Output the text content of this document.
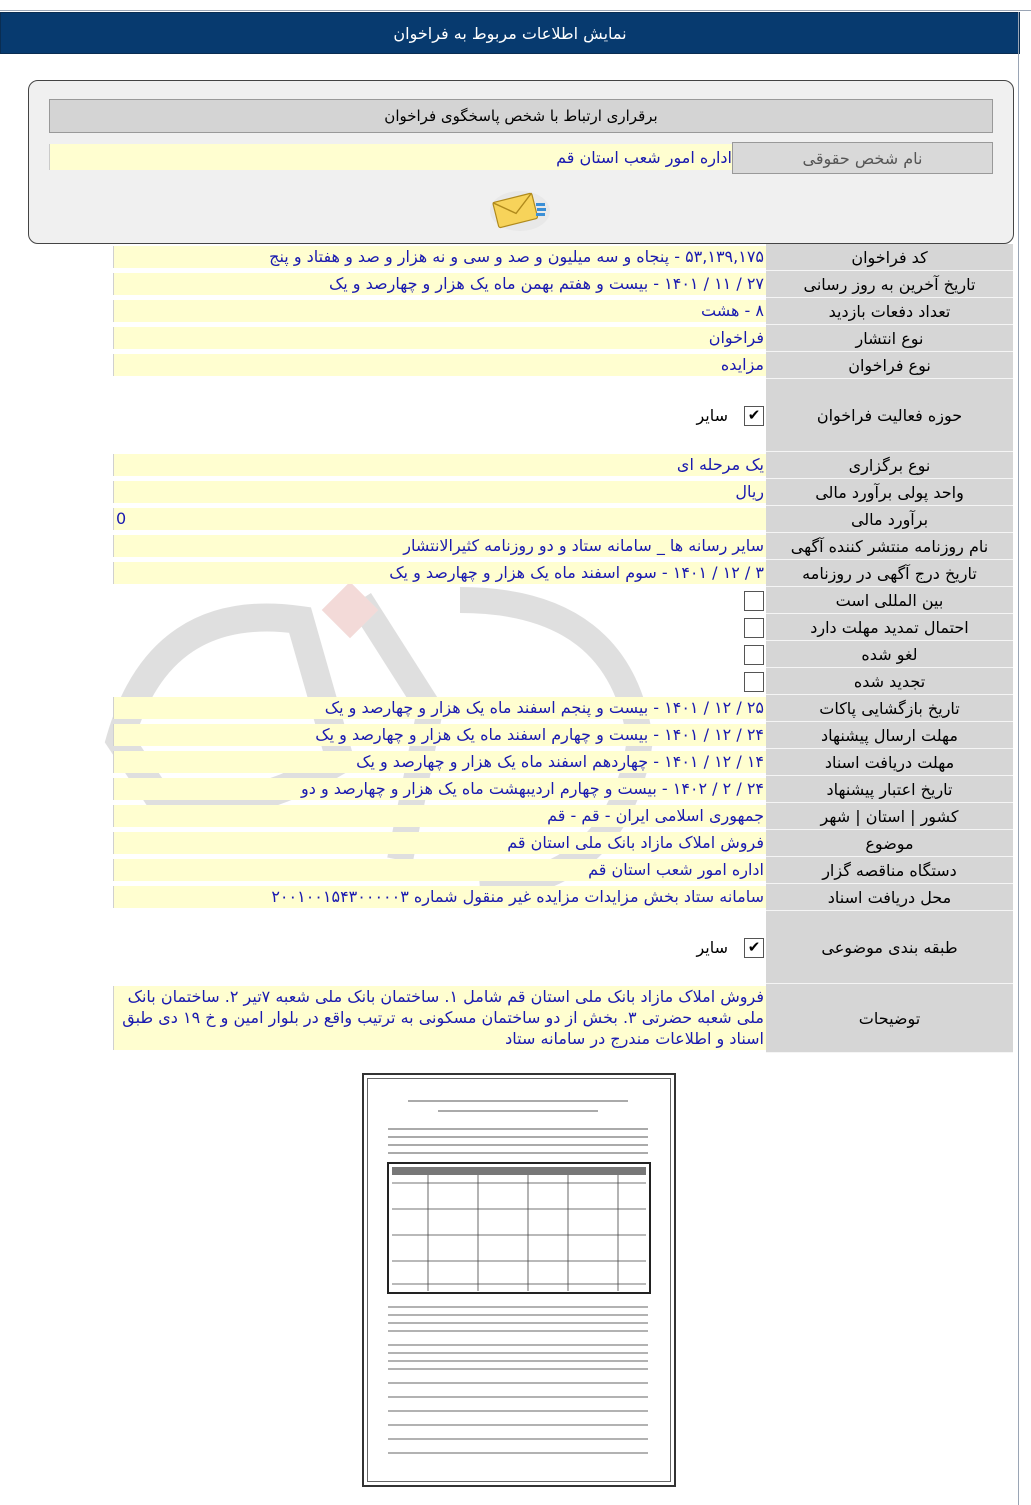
نمایش اطلاعات مربوط به فراخوان
برقراری ارتباط با شخص پاسخگوی فراخوان
نام شخص حقوقی
اداره امور شعب استان قم
کد فراخوان
۵۳,۱۳۹,۱۷۵ - پنجاه و سه میلیون و صد و سی و نه هزار و صد و هفتاد و پنج
تاریخ آخرین به روز رسانی
۲۷ / ۱۱ / ۱۴۰۱ - بیست و هفتم بهمن ماه یک هزار و چهارصد و یک
تعداد دفعات بازدید
۸ - هشت
نوع انتشار
فراخوان
نوع فراخوان
مزایده
حوزه فعالیت فراخوان
✔
سایر
نوع برگزاری
یک مرحله ای
واحد پولی برآورد مالی
ریال
برآورد مالی
0
نام روزنامه منتشر کننده آگهی
سایر رسانه ها _ سامانه ستاد و دو روزنامه کثیرالانتشار
تاریخ درج آگهی در روزنامه
۳ / ۱۲ / ۱۴۰۱ - سوم اسفند ماه یک هزار و چهارصد و یک
بین المللی است
احتمال تمدید مهلت دارد
لغو شده
تجدید شده
تاریخ بازگشایی پاکات
۲۵ / ۱۲ / ۱۴۰۱ - بیست و پنجم اسفند ماه یک هزار و چهارصد و یک
مهلت ارسال پیشنهاد
۲۴ / ۱۲ / ۱۴۰۱ - بیست و چهارم اسفند ماه یک هزار و چهارصد و یک
مهلت دریافت اسناد
۱۴ / ۱۲ / ۱۴۰۱ - چهاردهم اسفند ماه یک هزار و چهارصد و یک
تاریخ اعتبار پیشنهاد
۲۴ / ۲ / ۱۴۰۲ - بیست و چهارم اردیبهشت ماه یک هزار و چهارصد و دو
کشور | استان | شهر
جمهوری اسلامی ایران - قم - قم
موضوع
فروش املاک مازاد بانک ملی استان قم
دستگاه مناقصه گزار
اداره امور شعب استان قم
محل دریافت اسناد
سامانه ستاد بخش مزایدات مزایده غیر منقول شماره ۲۰۰۱۰۰۱۵۴۳۰۰۰۰۰۳
طبقه بندی موضوعی
✔
سایر
توضیحات
فروش املاک مازاد بانک ملی استان قم شامل ۱. ساختمان بانک ملی شعبه ۷تیر ۲. ساختمان بانک ملی شعبه حضرتی ۳. بخش از دو ساختمان مسکونی به ترتیب واقع در بلوار امین و خ ۱۹ دی طبق اسناد و اطلاعات مندرج در سامانه ستاد
